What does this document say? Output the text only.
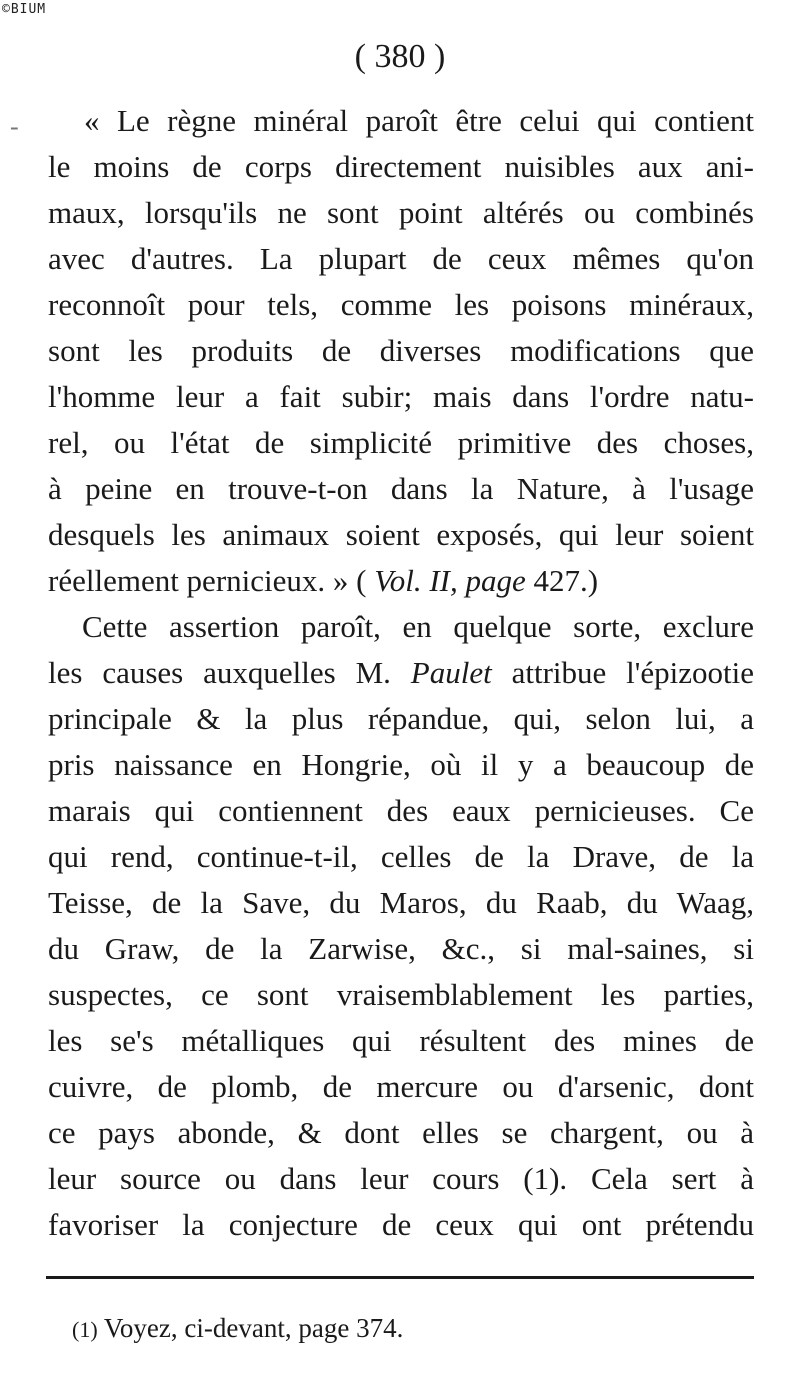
©BIUM
( 380 )
-	« Le règne minéral paroît être celui qui contient
le moins de corps directement nuisibles aux ani-
maux, lorsqu'ils ne sont point altérés ou combinés
avec d'autres. La plupart de ceux mêmes qu'on
reconnoît pour tels, comme les poisons minéraux,
sont les produits de diverses modifications que
l'homme leur a fait subir; mais dans l'ordre natu-
rel, ou l'état de simplicité primitive des choses,
à peine en trouve-t-on dans la Nature, à l'usage
desquels les animaux soient exposés, qui leur soient
réellement pernicieux. » ( Vol. II, page 427.)
Cette assertion paroît, en quelque sorte, exclure
les causes auxquelles M. Paulet attribue l'épizootie
principale & la plus répandue, qui, selon lui, a
pris naissance en Hongrie, où il y a beaucoup de
marais qui contiennent des eaux pernicieuses. Ce
qui rend, continue-t-il, celles de la Drave, de la
Teisse, de la Save, du Maros, du Raab, du Waag,
du Graw, de la Zarwise, &c., si mal-saines, si
suspectes, ce sont vraisemblablement les parties,
les se's métalliques qui résultent des mines de
cuivre, de plomb, de mercure ou d'arsenic, dont
ce pays abonde, & dont elles se chargent, ou à
leur source ou dans leur cours (1). Cela sert à
favoriser la conjecture de ceux qui ont prétendu
(1) Voyez, ci-devant, page 374.
